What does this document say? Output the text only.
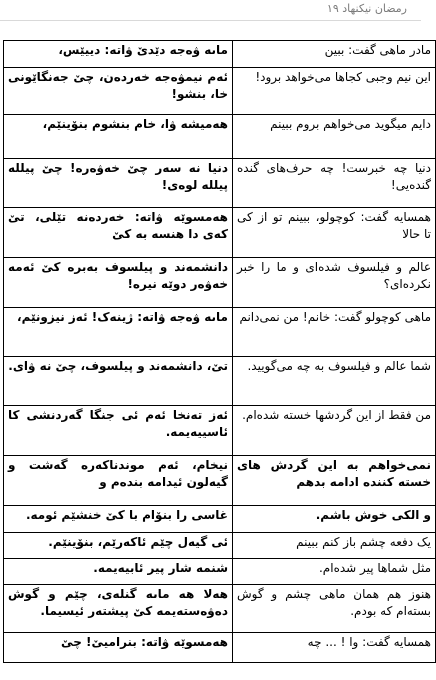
رمضان نیکنهاد ١٩
ماىه ۋەجه دێدێ ۋاتە: دییێس،	مادر ماهی گفت: ببین
ئەم نیمۋەجه خەردەن، چێ جەنگاێونی خا، بنشو!	این نیم وجبی کجاها می‌خواهد برود!
هەمیشه ۋا، خام بنشوم بنۆینێم،	دایم میگوید می‌خواهم بروم ببینم
دنیا نه سەر چێ خەۋەرە! چێ پیلله پیلله لوەی!	دنیا چه خبرست! چه حرف‌های گنده گنده‌یی!
هەمسوێه ۋاتە: خەردەنه تێلی، تێ کەی دا هنسه بە کێ	همسایه گفت: کوچولو، ببینم تو از کی تا حالا
دانشمەند و پیلسوف بەبرە کێ ئەمه خەۋەر دوێه نیرە!	عالم و فیلسوف شده‌ای و ما را خبر نکرده‌ای؟
ماىه ۋەجه ۋاتە: ژینەک! ئەز نیزونێم،	ماهی کوچولو گفت: خانم! من نمی‌دانم
تێ، دانشمەند و پیلسوف، چێ نه ۋای.	شما عالم و فیلسوف به چه می‌گویید.
ئەز تەنخا ئەم ئی جنگا گەردنشی کا ئاسییەیمه.	من فقط از این گردشها خسته شده‌ام.
نیخام، ئەم موندناکەرە گەشت و گیەلون ئیدامه بندەم و	نمی‌خواهم به این گردش های خسته کننده ادامه بدهم
غاسی را بنۆام با کێ خنشێم ئومە.	و الکی خوش باشم.
ئی گیەل چێم ئاکەرێم، بنۆینێم.	یک دفعه چشم باز کنم ببینم
شنمه شار پیر ئابیەیمه.	مثل شماها پیر شده‌ام.
هەلا هه ماىه گنلەی، چێم و گوش دەۋەستەیمه کێ پیشتەر ئیسیما.	هنوز هم همان ماهی چشم و گوش بسته‌ام که بودم.
هەمسوێه ۋاتە: بنرامیێ! چێ	همسایه گفت: وا ! ... چه
